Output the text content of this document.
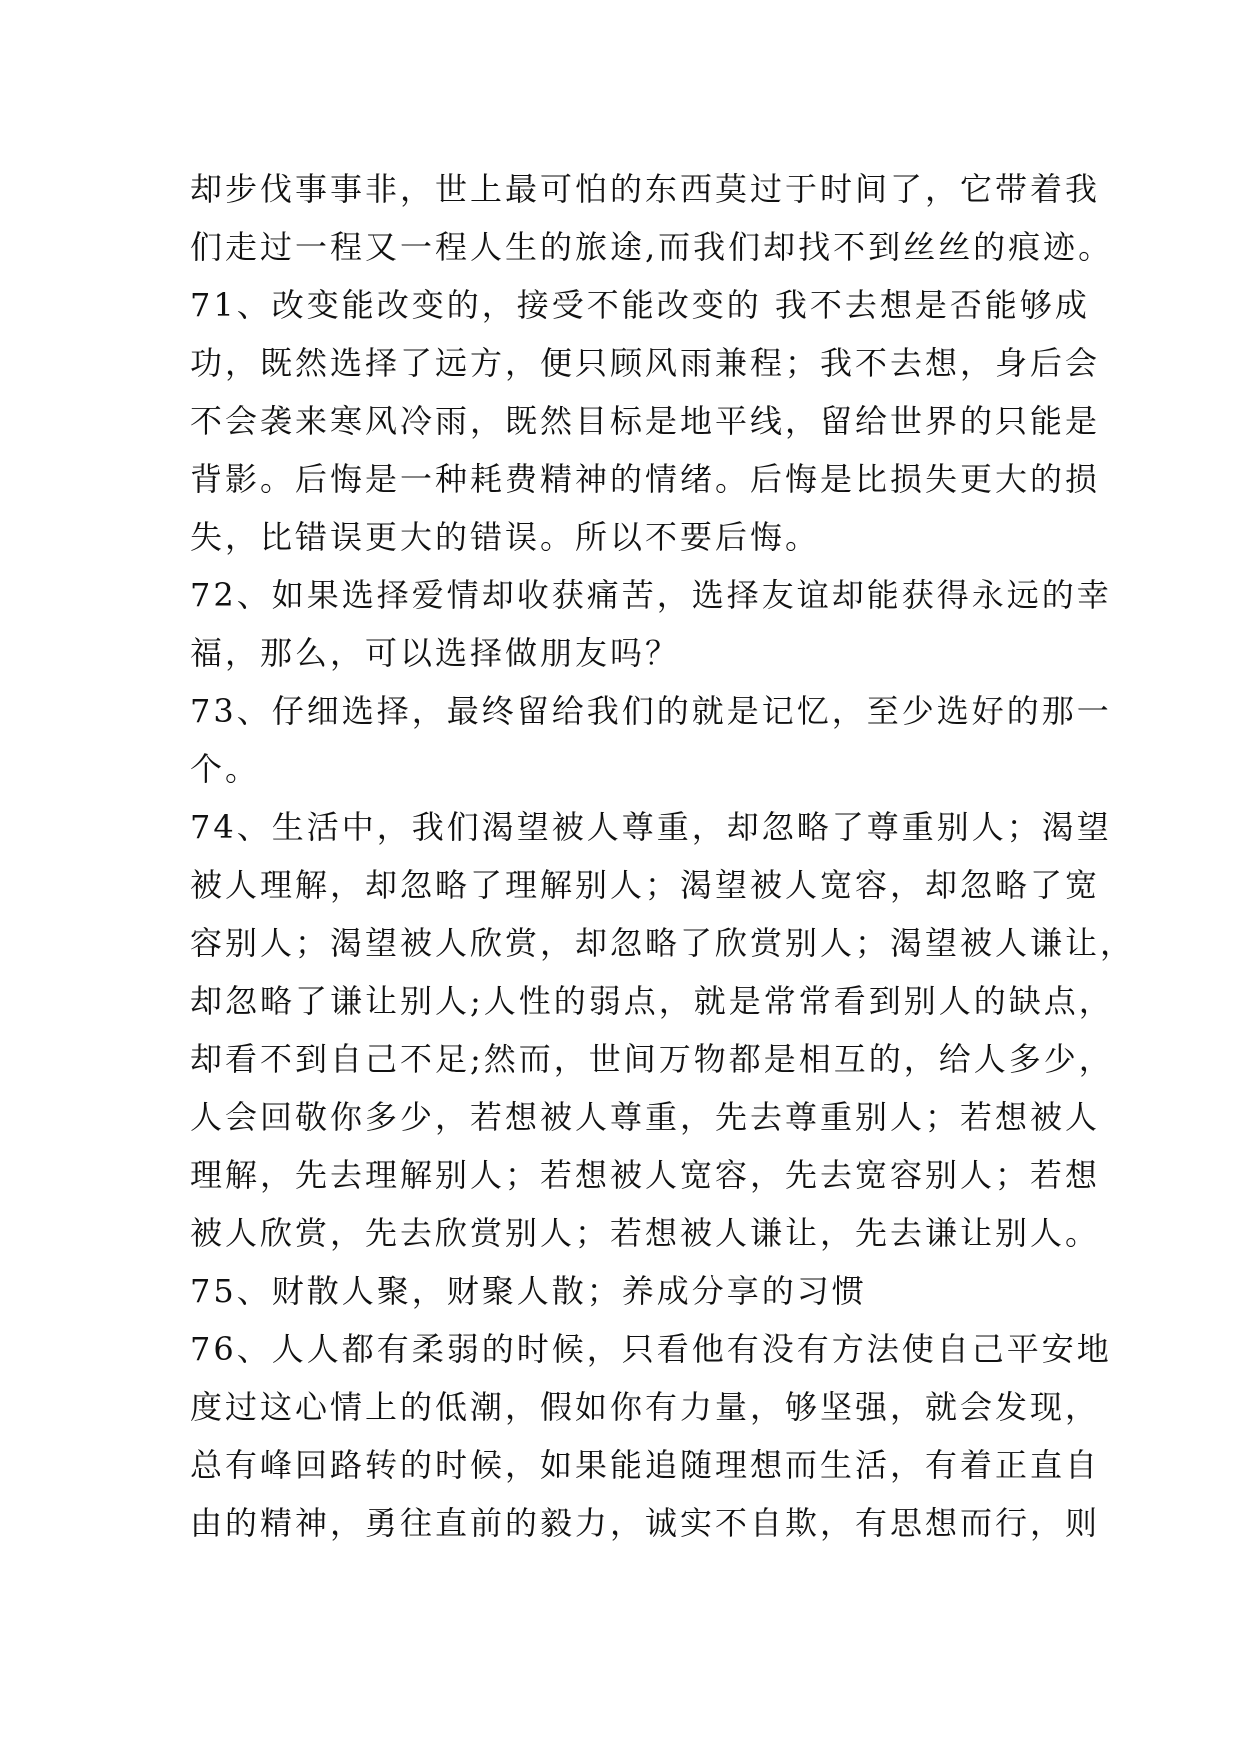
却步伐事事非，世上最可怕的东西莫过于时间了，它带着我
们走过一程又一程人生的旅途,而我们却找不到丝丝的痕迹。
71、改变能改变的，接受不能改变的 我不去想是否能够成
功，既然选择了远方，便只顾风雨兼程；我不去想，身后会
不会袭来寒风冷雨，既然目标是地平线，留给世界的只能是
背影。后悔是一种耗费精神的情绪。后悔是比损失更大的损
失，比错误更大的错误。所以不要后悔。
72、如果选择爱情却收获痛苦，选择友谊却能获得永远的幸
福，那么，可以选择做朋友吗？
73、仔细选择，最终留给我们的就是记忆，至少选好的那一
个。
74、生活中，我们渴望被人尊重，却忽略了尊重别人；渴望
被人理解，却忽略了理解别人；渴望被人宽容，却忽略了宽
容别人；渴望被人欣赏，却忽略了欣赏别人；渴望被人谦让，
却忽略了谦让别人;人性的弱点，就是常常看到别人的缺点，
却看不到自己不足;然而，世间万物都是相互的，给人多少，
人会回敬你多少，若想被人尊重，先去尊重别人；若想被人
理解，先去理解别人；若想被人宽容，先去宽容别人；若想
被人欣赏，先去欣赏别人；若想被人谦让，先去谦让别人。
75、财散人聚，财聚人散；养成分享的习惯
76、人人都有柔弱的时候，只看他有没有方法使自己平安地
度过这心情上的低潮，假如你有力量，够坚强，就会发现，
总有峰回路转的时候，如果能追随理想而生活，有着正直自
由的精神，勇往直前的毅力，诚实不自欺，有思想而行，则
